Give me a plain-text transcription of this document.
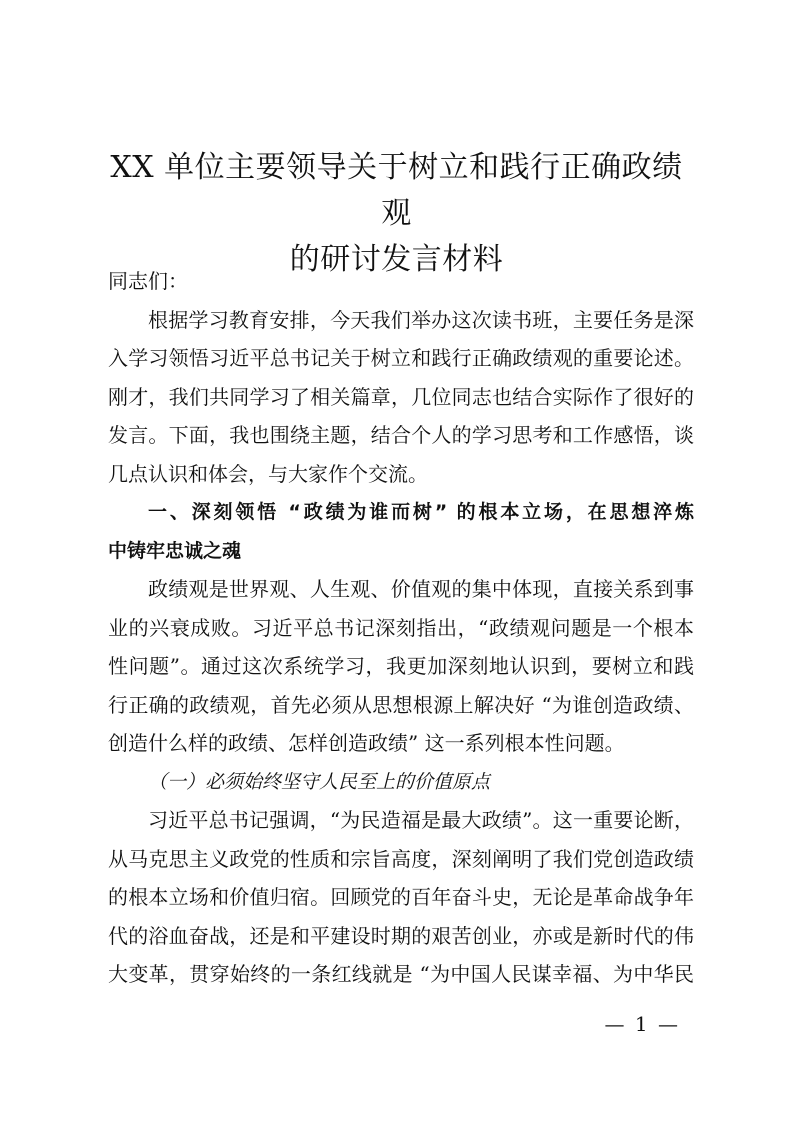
XX 单位主要领导关于树立和践行正确政绩观
的研讨发言材料
同志们：
根据学习教育安排，今天我们举办这次读书班，主要任务是深
入学习领悟习近平总书记关于树立和践行正确政绩观的重要论述。
刚才，我们共同学习了相关篇章，几位同志也结合实际作了很好的
发言。下面，我也围绕主题，结合个人的学习思考和工作感悟，谈
几点认识和体会，与大家作个交流。
一、深刻领悟 “政绩为谁而树” 的根本立场，在思想淬炼
中铸牢忠诚之魂
政绩观是世界观、人生观、价值观的集中体现，直接关系到事
业的兴衰成败。习近平总书记深刻指出，“政绩观问题是一个根本
性问题”。通过这次系统学习，我更加深刻地认识到，要树立和践
行正确的政绩观，首先必须从思想根源上解决好 “为谁创造政绩、
创造什么样的政绩、怎样创造政绩” 这一系列根本性问题。
（一）必须始终坚守人民至上的价值原点
习近平总书记强调，“为民造福是最大政绩”。这一重要论断，
从马克思主义政党的性质和宗旨高度，深刻阐明了我们党创造政绩
的根本立场和价值归宿。回顾党的百年奋斗史，无论是革命战争年
代的浴血奋战，还是和平建设时期的艰苦创业，亦或是新时代的伟
大变革，贯穿始终的一条红线就是 “为中国人民谋幸福、为中华民
— 1 —
